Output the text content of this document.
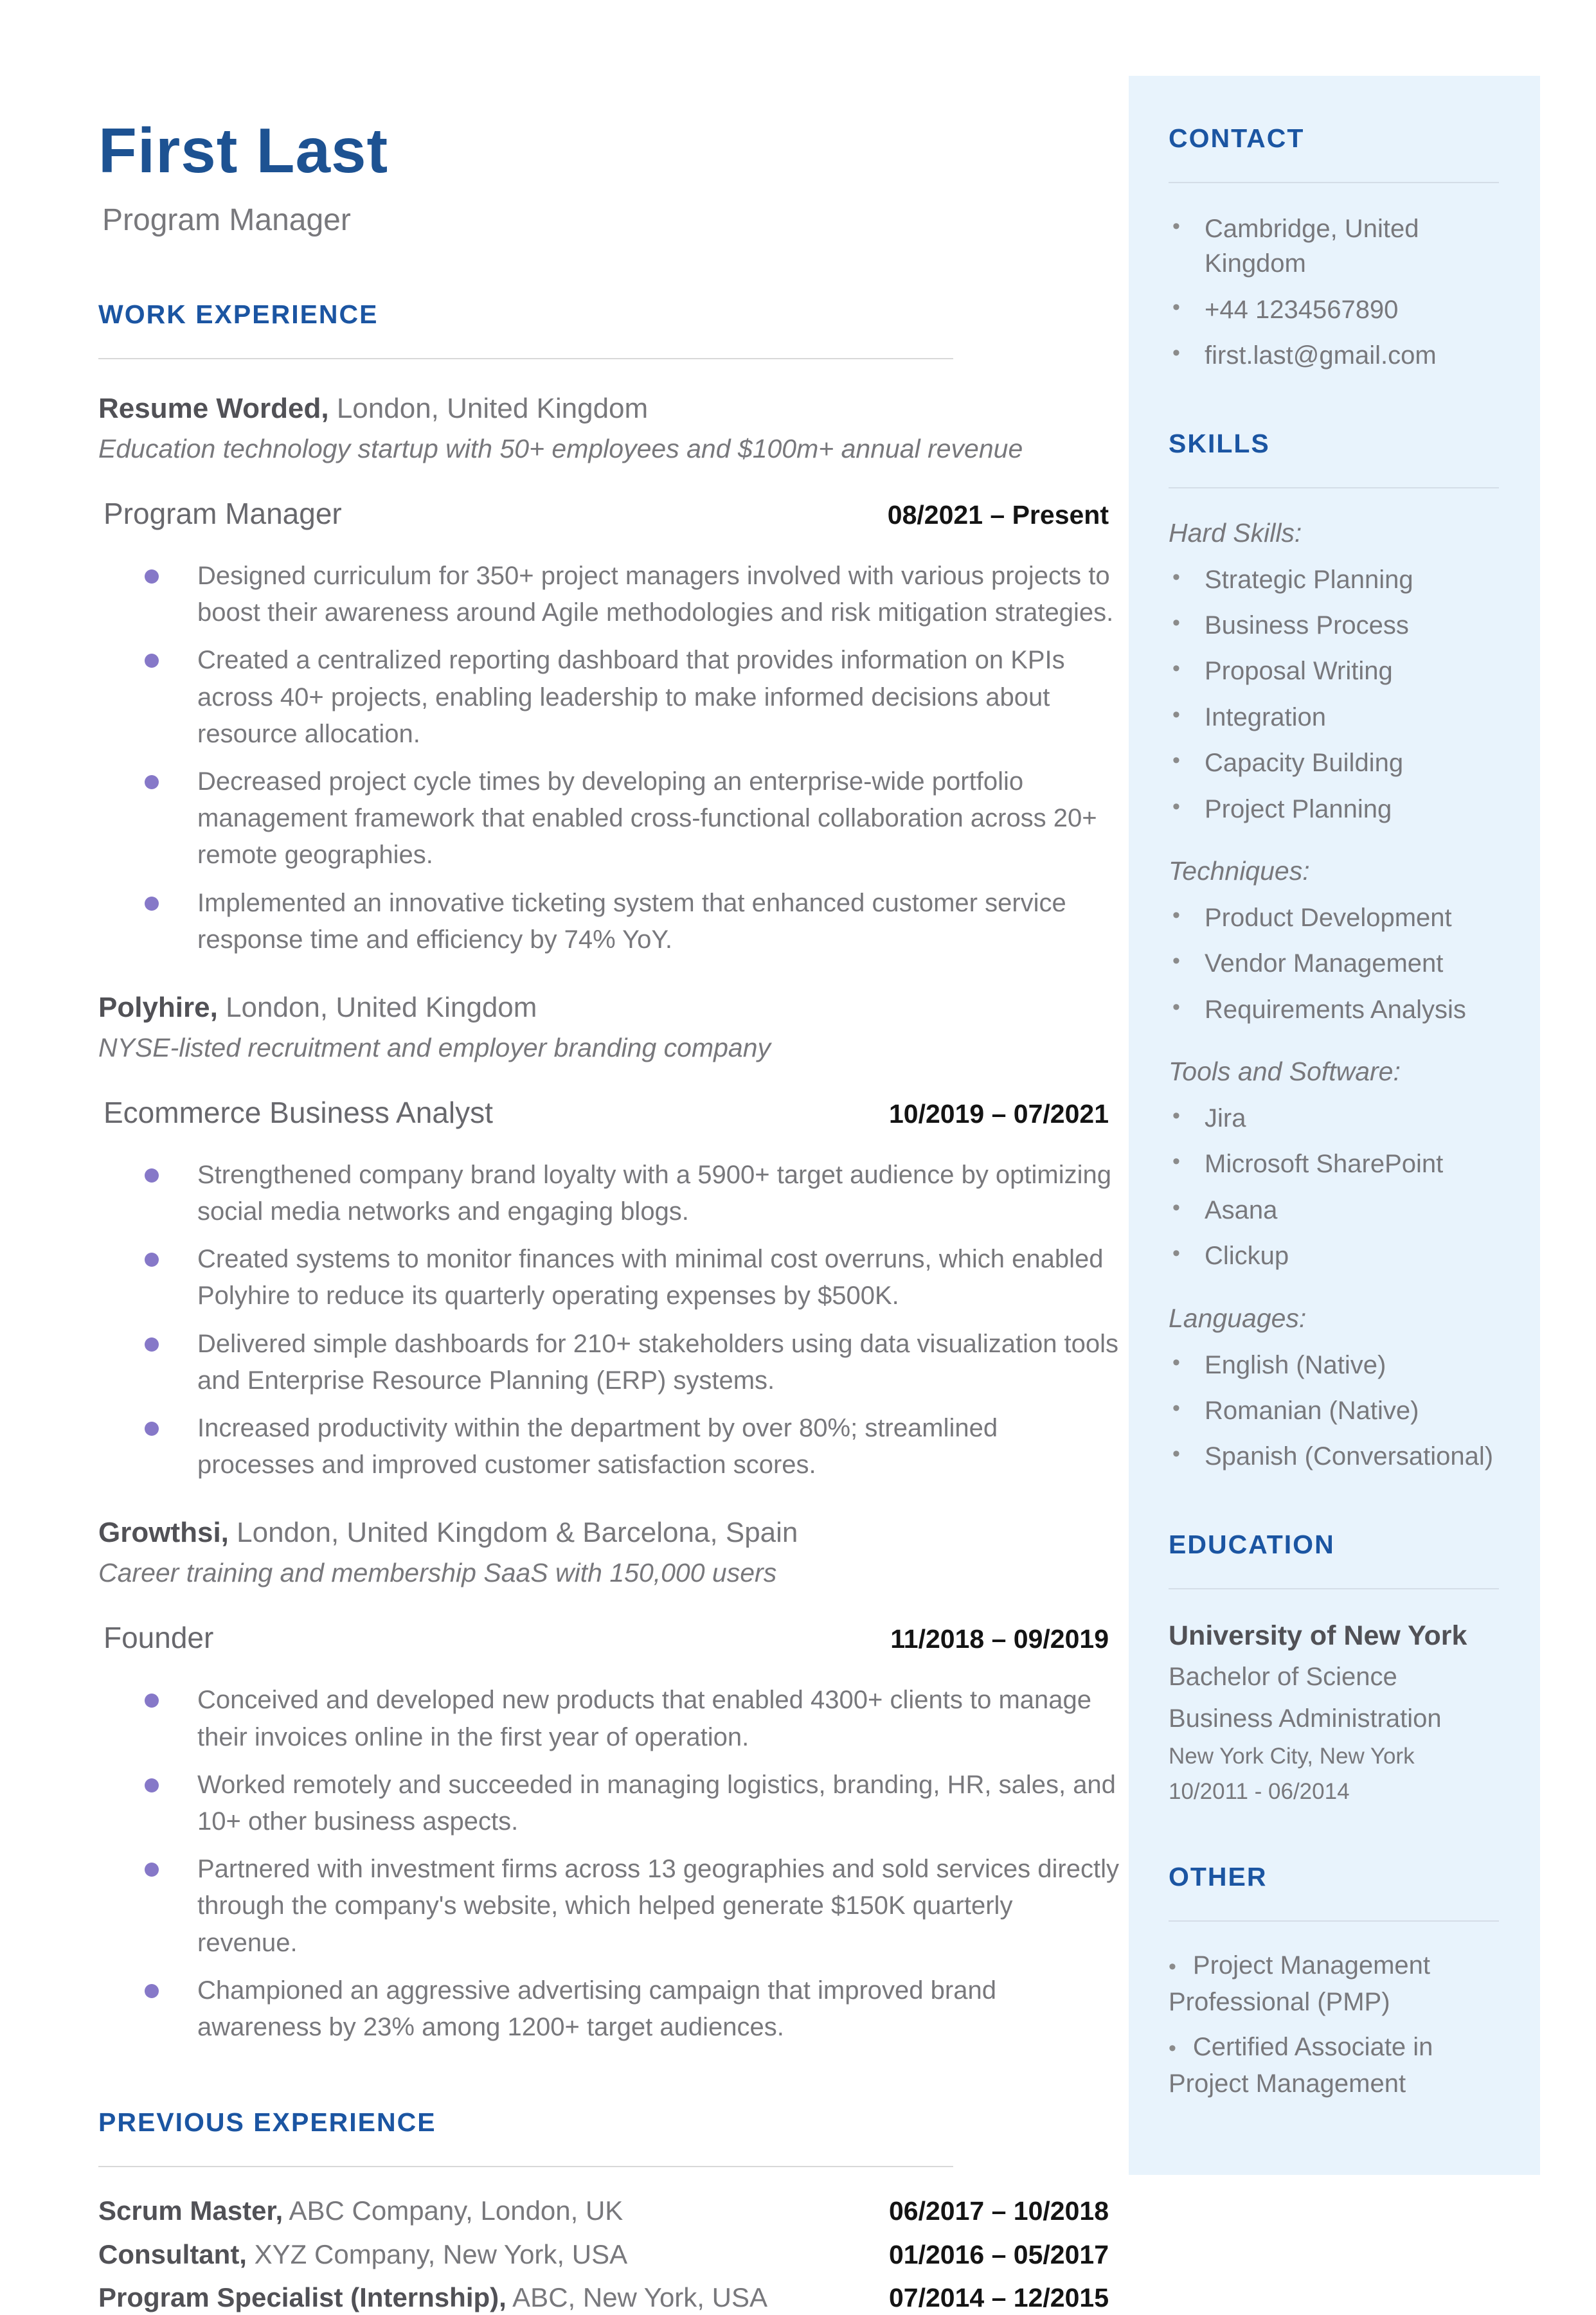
CONTACT
• Cambridge, United Kingdom
• +44 1234567890
• first.last@gmail.com
SKILLS
Hard Skills:
• Strategic Planning
• Business Process
• Proposal Writing
• Integration
• Capacity Building
• Project Planning
Techniques:
• Product Development
• Vendor Management
• Requirements Analysis
Tools and Software:
• Jira
• Microsoft SharePoint
• Asana
• Clickup
Languages:
• English (Native)
• Romanian (Native)
• Spanish (Conversational)
EDUCATION
University of New York
Bachelor of Science
Business Administration
New York City, New York
10/2011 - 06/2014
OTHER
• Project Management Professional (PMP)
• Certified Associate in Project Management
First Last
Program Manager
WORK EXPERIENCE
Resume Worded, London, United Kingdom
Education technology startup with 50+ employees and $100m+ annual revenue
Program Manager	08/2021 – Present
Designed curriculum for 350+ project managers involved with various projects to boost their awareness around Agile methodologies and risk mitigation strategies.
Created a centralized reporting dashboard that provides information on KPIs across 40+ projects, enabling leadership to make informed decisions about resource allocation.
Decreased project cycle times by developing an enterprise-wide portfolio management framework that enabled cross-functional collaboration across 20+ remote geographies.
Implemented an innovative ticketing system that enhanced customer service response time and efficiency by 74% YoY.
Polyhire, London, United Kingdom
NYSE-listed recruitment and employer branding company
Ecommerce Business Analyst	10/2019 – 07/2021
Strengthened company brand loyalty with a 5900+ target audience by optimizing social media networks and engaging blogs.
Created systems to monitor finances with minimal cost overruns, which enabled Polyhire to reduce its quarterly operating expenses by $500K.
Delivered simple dashboards for 210+ stakeholders using data visualization tools and Enterprise Resource Planning (ERP) systems.
Increased productivity within the department by over 80%; streamlined processes and improved customer satisfaction scores.
Growthsi, London, United Kingdom & Barcelona, Spain
Career training and membership SaaS with 150,000 users
Founder	11/2018 – 09/2019
Conceived and developed new products that enabled 4300+ clients to manage their invoices online in the first year of operation.
Worked remotely and succeeded in managing logistics, branding, HR, sales, and 10+ other business aspects.
Partnered with investment firms across 13 geographies and sold services directly through the company's website, which helped generate $150K quarterly revenue.
Championed an aggressive advertising campaign that improved brand awareness by 23% among 1200+ target audiences.
PREVIOUS EXPERIENCE
Scrum Master, ABC Company, London, UK	06/2017 – 10/2018
Consultant, XYZ Company, New York, USA	01/2016 – 05/2017
Program Specialist (Internship), ABC, New York, USA	07/2014 – 12/2015
